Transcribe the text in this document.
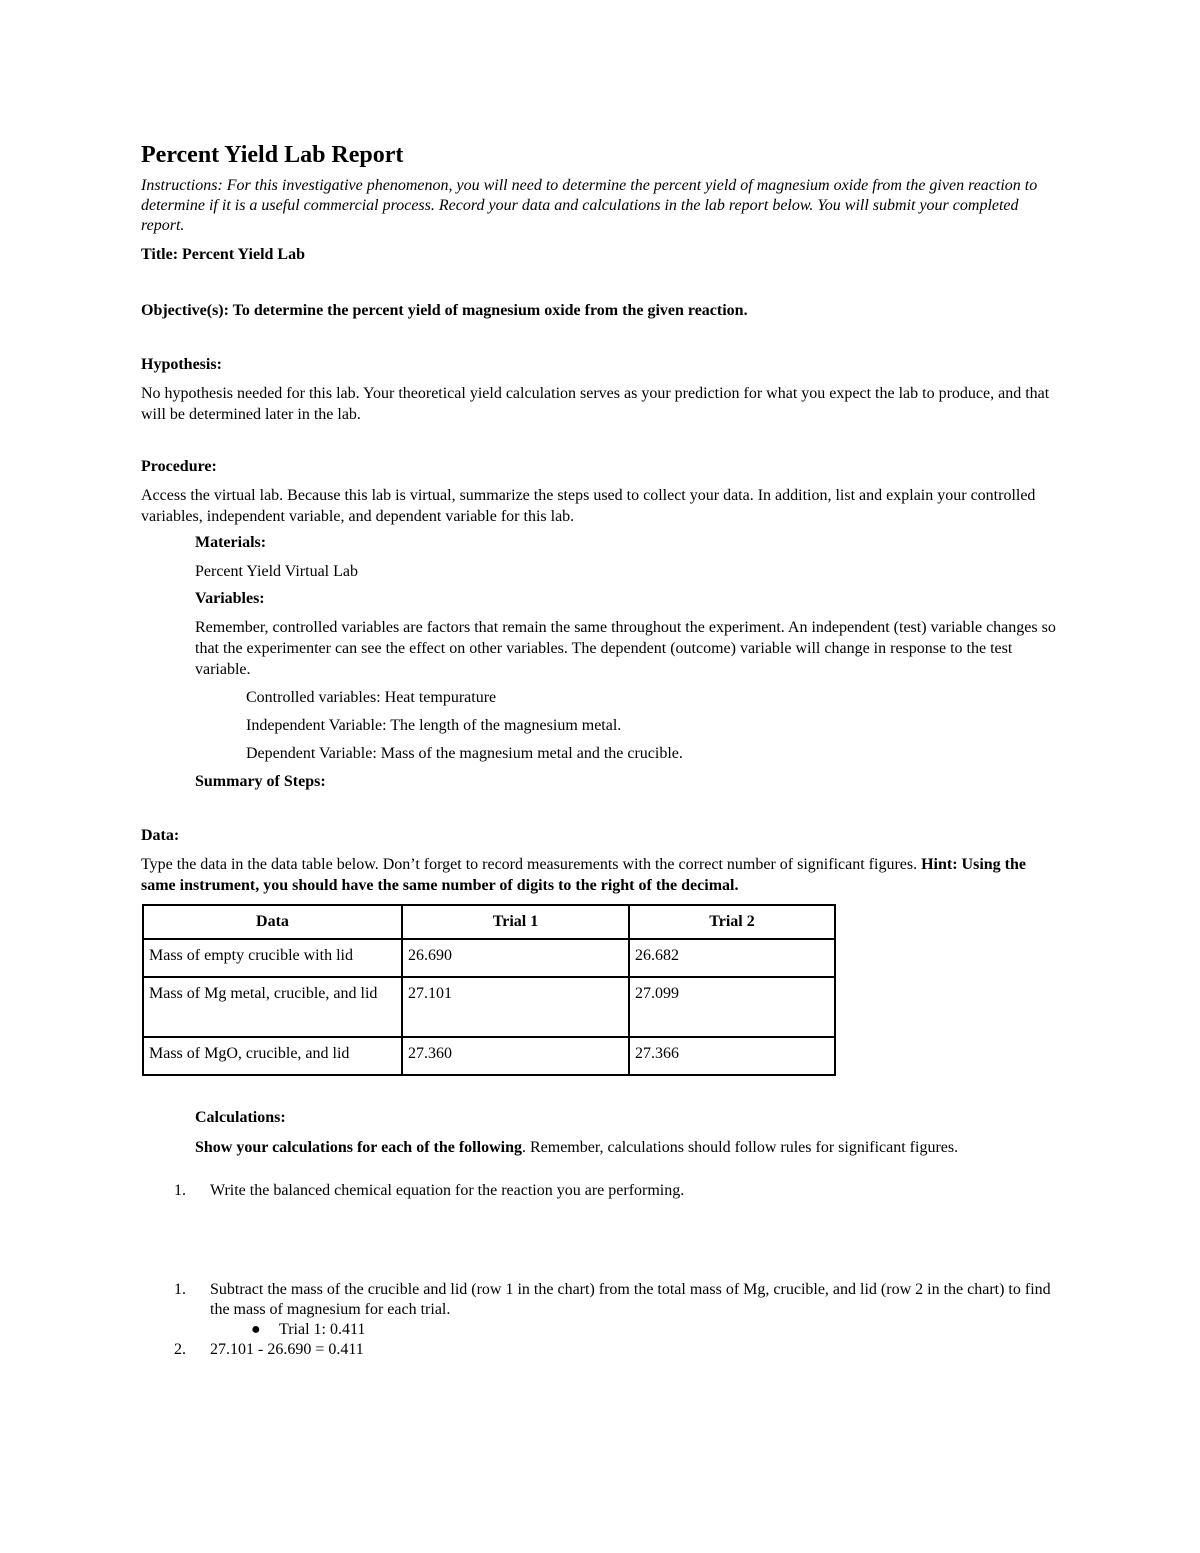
Percent Yield Lab Report

Instructions: For this investigative phenomenon, you will need to determine the percent yield of magnesium oxide from the given reaction to determine if it is a useful commercial process. Record your data and calculations in the lab report below. You will submit your completed report.

Title: Percent Yield Lab

Objective(s): To determine the percent yield of magnesium oxide from the given reaction.

Hypothesis:

No hypothesis needed for this lab. Your theoretical yield calculation serves as your prediction for what you expect the lab to produce, and that will be determined later in the lab.

Procedure:

Access the virtual lab. Because this lab is virtual, summarize the steps used to collect your data. In addition, list and explain your controlled variables, independent variable, and dependent variable for this lab.

Materials:

Percent Yield Virtual Lab

Variables:

Remember, controlled variables are factors that remain the same throughout the experiment. An independent (test) variable changes so that the experimenter can see the effect on other variables. The dependent (outcome) variable will change in response to the test variable.

Controlled variables: Heat tempurature

Independent Variable: The length of the magnesium metal.

Dependent Variable: Mass of the magnesium metal and the crucible.

Summary of Steps:

Data:

Type the data in the data table below. Don’t forget to record measurements with the correct number of significant figures. Hint: Using the same instrument, you should have the same number of digits to the right of the decimal.

Data	Trial 1	Trial 2
Mass of empty crucible with lid	26.690	26.682
Mass of Mg metal, crucible, and lid	27.101	27.099
Mass of MgO, crucible, and lid	27.360	27.366

Calculations:

Show your calculations for each of the following. Remember, calculations should follow rules for significant figures.

1.	Write the balanced chemical equation for the reaction you are performing.
1.	Subtract the mass of the crucible and lid (row 1 in the chart) from the total mass of Mg, crucible, and lid (row 2 in the chart) to find the mass of magnesium for each trial.
●	Trial 1: 0.411
2.	27.101 - 26.690 = 0.411
